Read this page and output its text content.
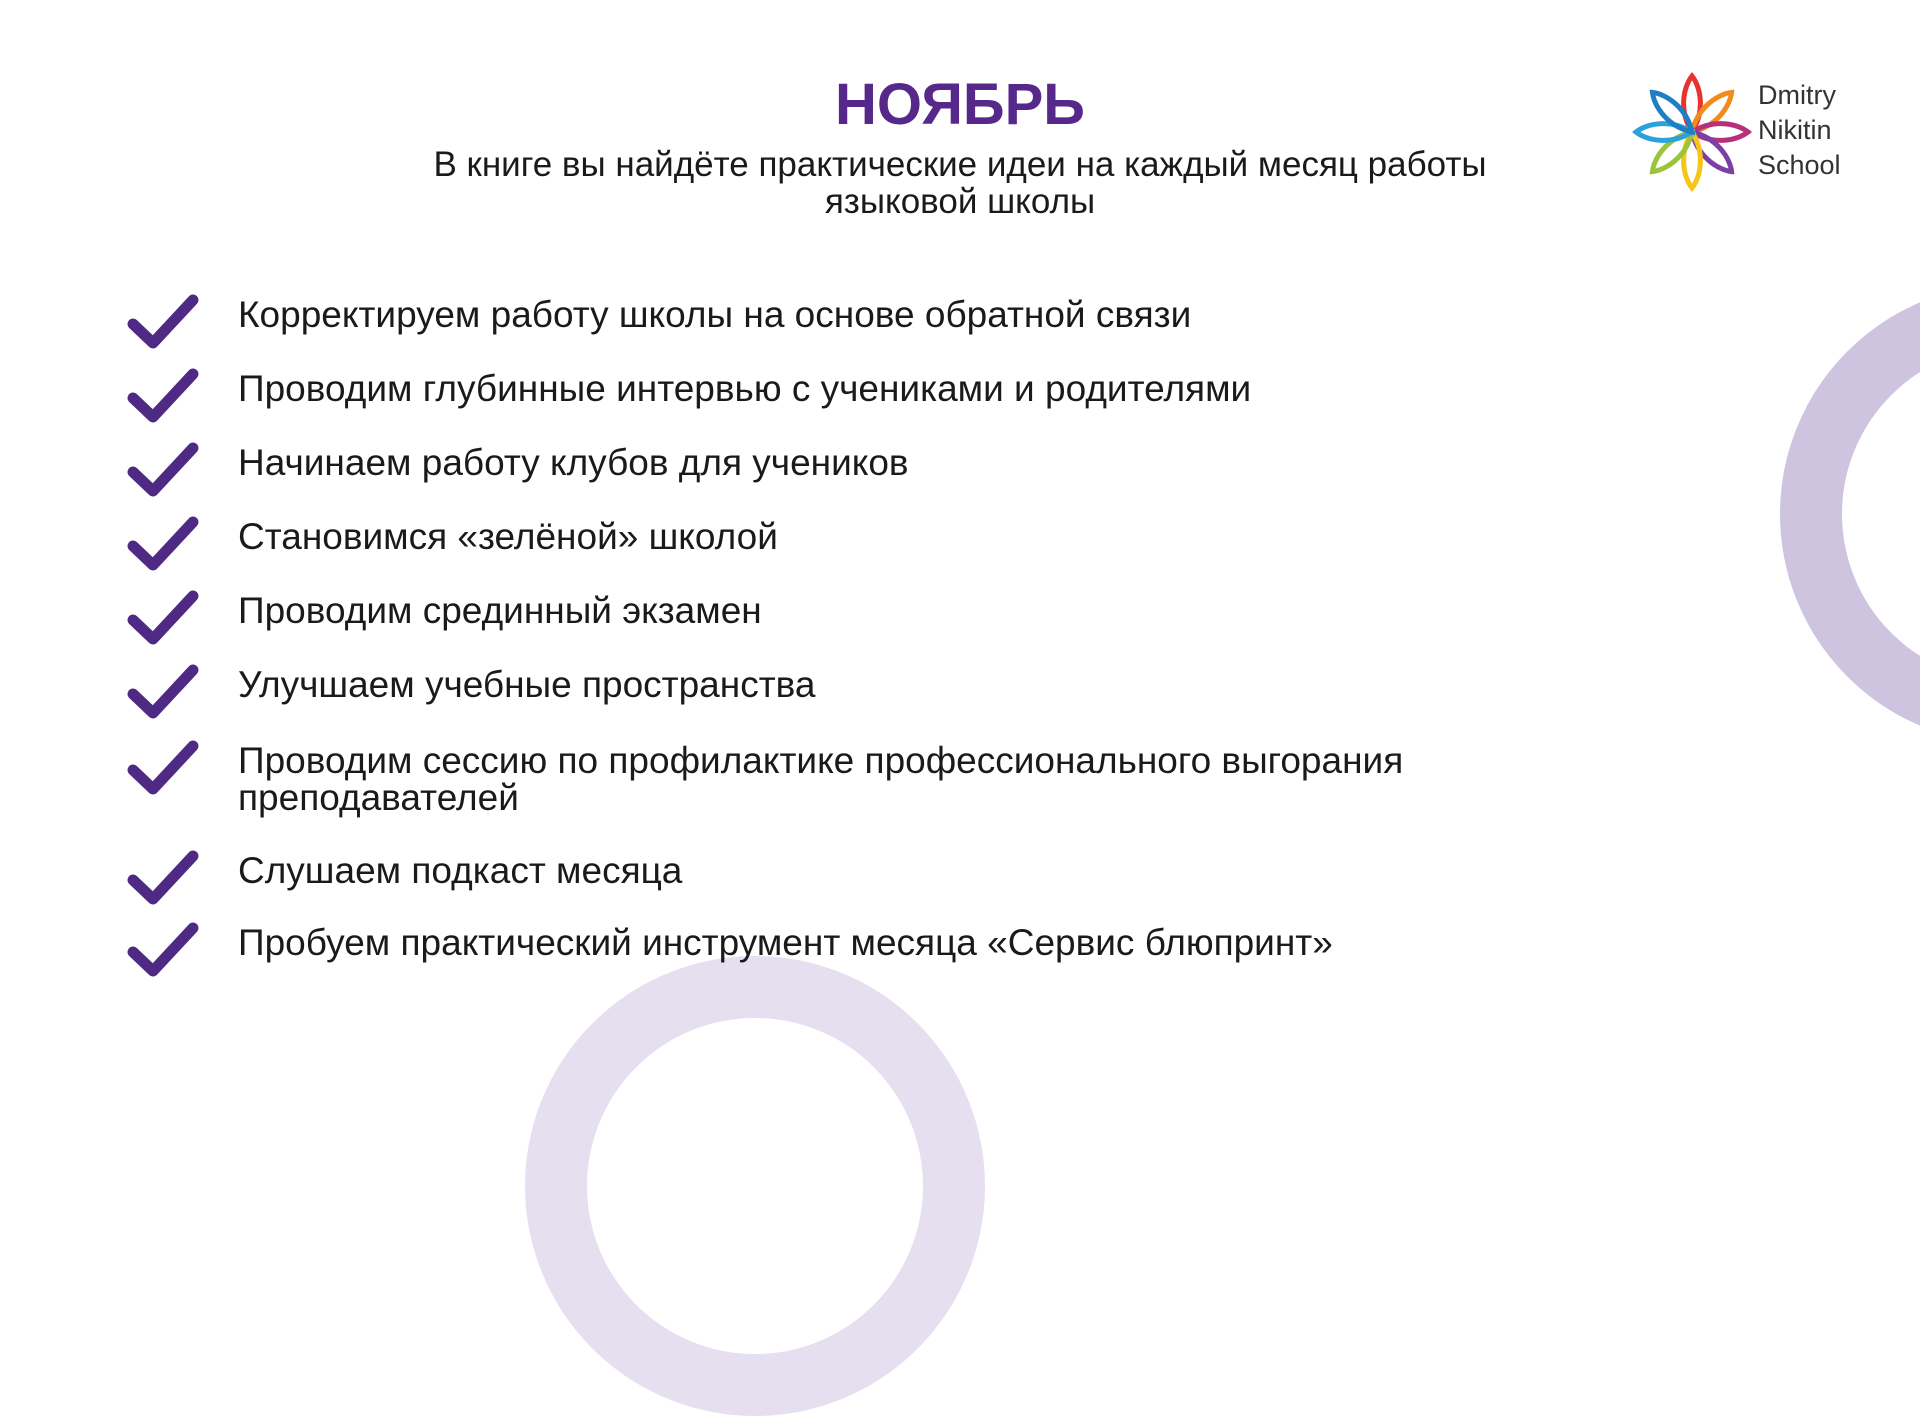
НОЯБРЬ

В книге вы найдёте практические идеи на каждый месяц работы языковой школы

Dmitry
Nikitin
School
Корректируем работу школы на основе обратной связи
Проводим глубинные интервью с учениками и родителями
Начинаем работу клубов для учеников
Становимся «зелёной» школой
Проводим срединный экзамен
Улучшаем учебные пространства
Проводим сессию по профилактике профессионального выгорания преподавателей
Слушаем подкаст месяца
Пробуем практический инструмент месяца «Сервис блюпринт»
